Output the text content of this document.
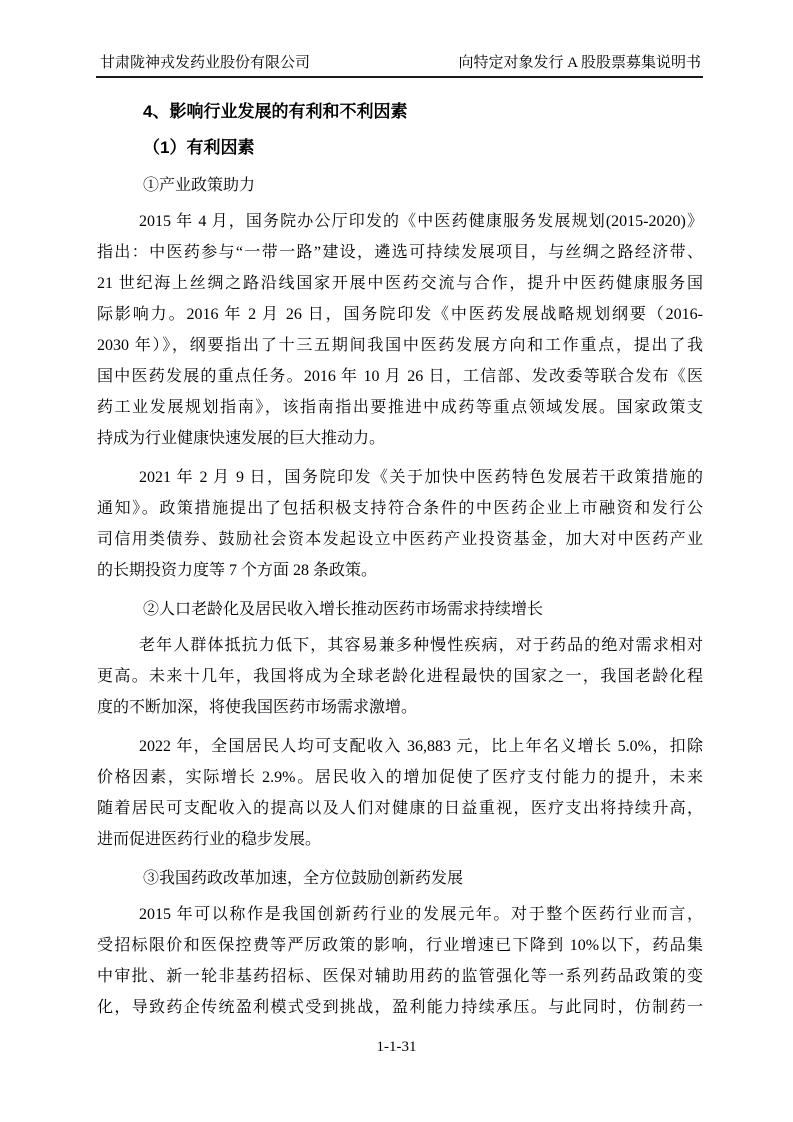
甘肃陇神戎发药业股份有限公司	向特定对象发行 A 股股票募集说明书
4、影响行业发展的有利和不利因素
（1）有利因素
①产业政策助力
2015 年 4 月，国务院办公厅印发的《中医药健康服务发展规划(2015-2020)》
指出：中医药参与“一带一路”建设，遴选可持续发展项目，与丝绸之路经济带、
21 世纪海上丝绸之路沿线国家开展中医药交流与合作，提升中医药健康服务国
际影响力。2016 年 2 月 26 日，国务院印发《中医药发展战略规划纲要（2016-
2030 年）》，纲要指出了十三五期间我国中医药发展方向和工作重点，提出了我
国中医药发展的重点任务。2016 年 10 月 26 日，工信部、发改委等联合发布《医
药工业发展规划指南》，该指南指出要推进中成药等重点领域发展。国家政策支
持成为行业健康快速发展的巨大推动力。
2021 年 2 月 9 日，国务院印发《关于加快中医药特色发展若干政策措施的
通知》。政策措施提出了包括积极支持符合条件的中医药企业上市融资和发行公
司信用类债券、鼓励社会资本发起设立中医药产业投资基金，加大对中医药产业
的长期投资力度等 7 个方面 28 条政策。
②人口老龄化及居民收入增长推动医药市场需求持续增长
老年人群体抵抗力低下，其容易兼多种慢性疾病，对于药品的绝对需求相对
更高。未来十几年，我国将成为全球老龄化进程最快的国家之一，我国老龄化程
度的不断加深，将使我国医药市场需求激增。
2022 年，全国居民人均可支配收入 36,883 元，比上年名义增长 5.0%，扣除
价格因素，实际增长 2.9%。居民收入的增加促使了医疗支付能力的提升，未来
随着居民可支配收入的提高以及人们对健康的日益重视，医疗支出将持续升高，
进而促进医药行业的稳步发展。
③我国药政改革加速，全方位鼓励创新药发展
2015 年可以称作是我国创新药行业的发展元年。对于整个医药行业而言，
受招标限价和医保控费等严厉政策的影响，行业增速已下降到 10%以下，药品集
中审批、新一轮非基药招标、医保对辅助用药的监管强化等一系列药品政策的变
化，导致药企传统盈利模式受到挑战，盈利能力持续承压。与此同时，仿制药一
1-1-31
